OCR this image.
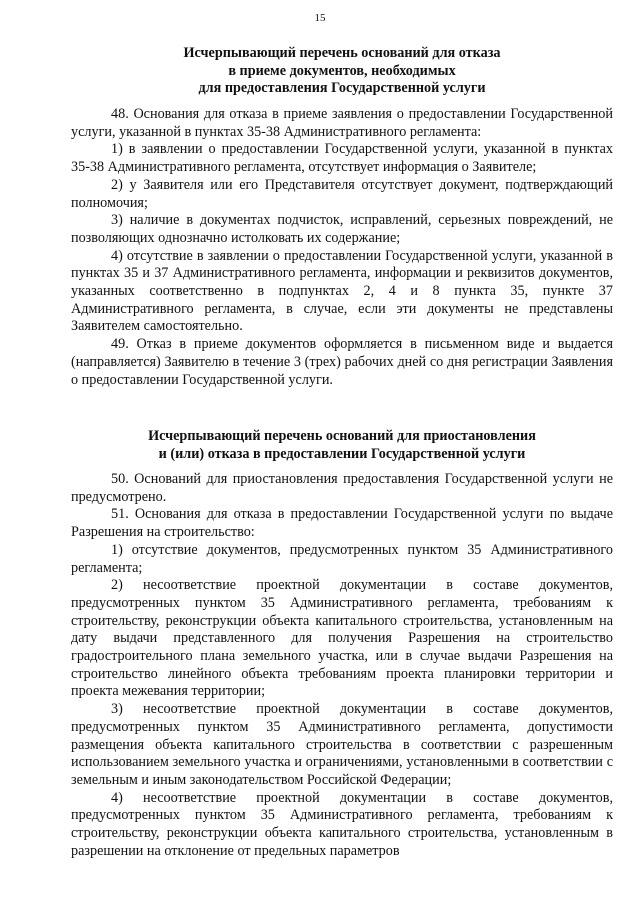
15
Исчерпывающий перечень оснований для отказа
в приеме документов, необходимых
для предоставления Государственной услуги

48. Основания для отказа в приеме заявления о предоставлении Государственной услуги, указанной в пунктах 35-38 Административного регламента:

1) в заявлении о предоставлении Государственной услуги, указанной в пунктах 35-38 Административного регламента, отсутствует информация о Заявителе;

2) у Заявителя или его Представителя отсутствует документ, подтверждающий полномочия;

3) наличие в документах подчисток, исправлений, серьезных повреждений, не позволяющих однозначно истолковать их содержание;

4) отсутствие в заявлении о предоставлении Государственной услуги, указанной в пунктах 35 и 37 Административного регламента, информации и реквизитов документов, указанных соответственно в подпунктах 2, 4 и 8 пункта 35, пункте 37 Административного регламента, в случае, если эти документы не представлены Заявителем самостоятельно.

49. Отказ в приеме документов оформляется в письменном виде и выдается (направляется) Заявителю в течение 3 (трех) рабочих дней со дня регистрации Заявления о предоставлении Государственной услуги.

Исчерпывающий перечень оснований для приостановления
и (или) отказа в предоставлении Государственной услуги

50. Оснований для приостановления предоставления Государственной услуги не предусмотрено.

51. Основания для отказа в предоставлении Государственной услуги по выдаче Разрешения на строительство:

1) отсутствие документов, предусмотренных пунктом 35 Административного регламента;

2) несоответствие проектной документации в составе документов, предусмотренных пунктом 35 Административного регламента, требованиям к строительству, реконструкции объекта капитального строительства, установленным на дату выдачи представленного для получения Разрешения на строительство градостроительного плана земельного участка, или в случае выдачи Разрешения на строительство линейного объекта требованиям проекта планировки территории и проекта межевания территории;

3) несоответствие проектной документации в составе документов, предусмотренных пунктом 35 Административного регламента, допустимости размещения объекта капитального строительства в соответствии с разрешенным использованием земельного участка и ограничениями, установленными в соответствии с земельным и иным законодательством Российской Федерации;

4) несоответствие проектной документации в составе документов, предусмотренных пунктом 35 Административного регламента, требованиям к строительству, реконструкции объекта капитального строительства, установленным в разрешении на отклонение от предельных параметров
